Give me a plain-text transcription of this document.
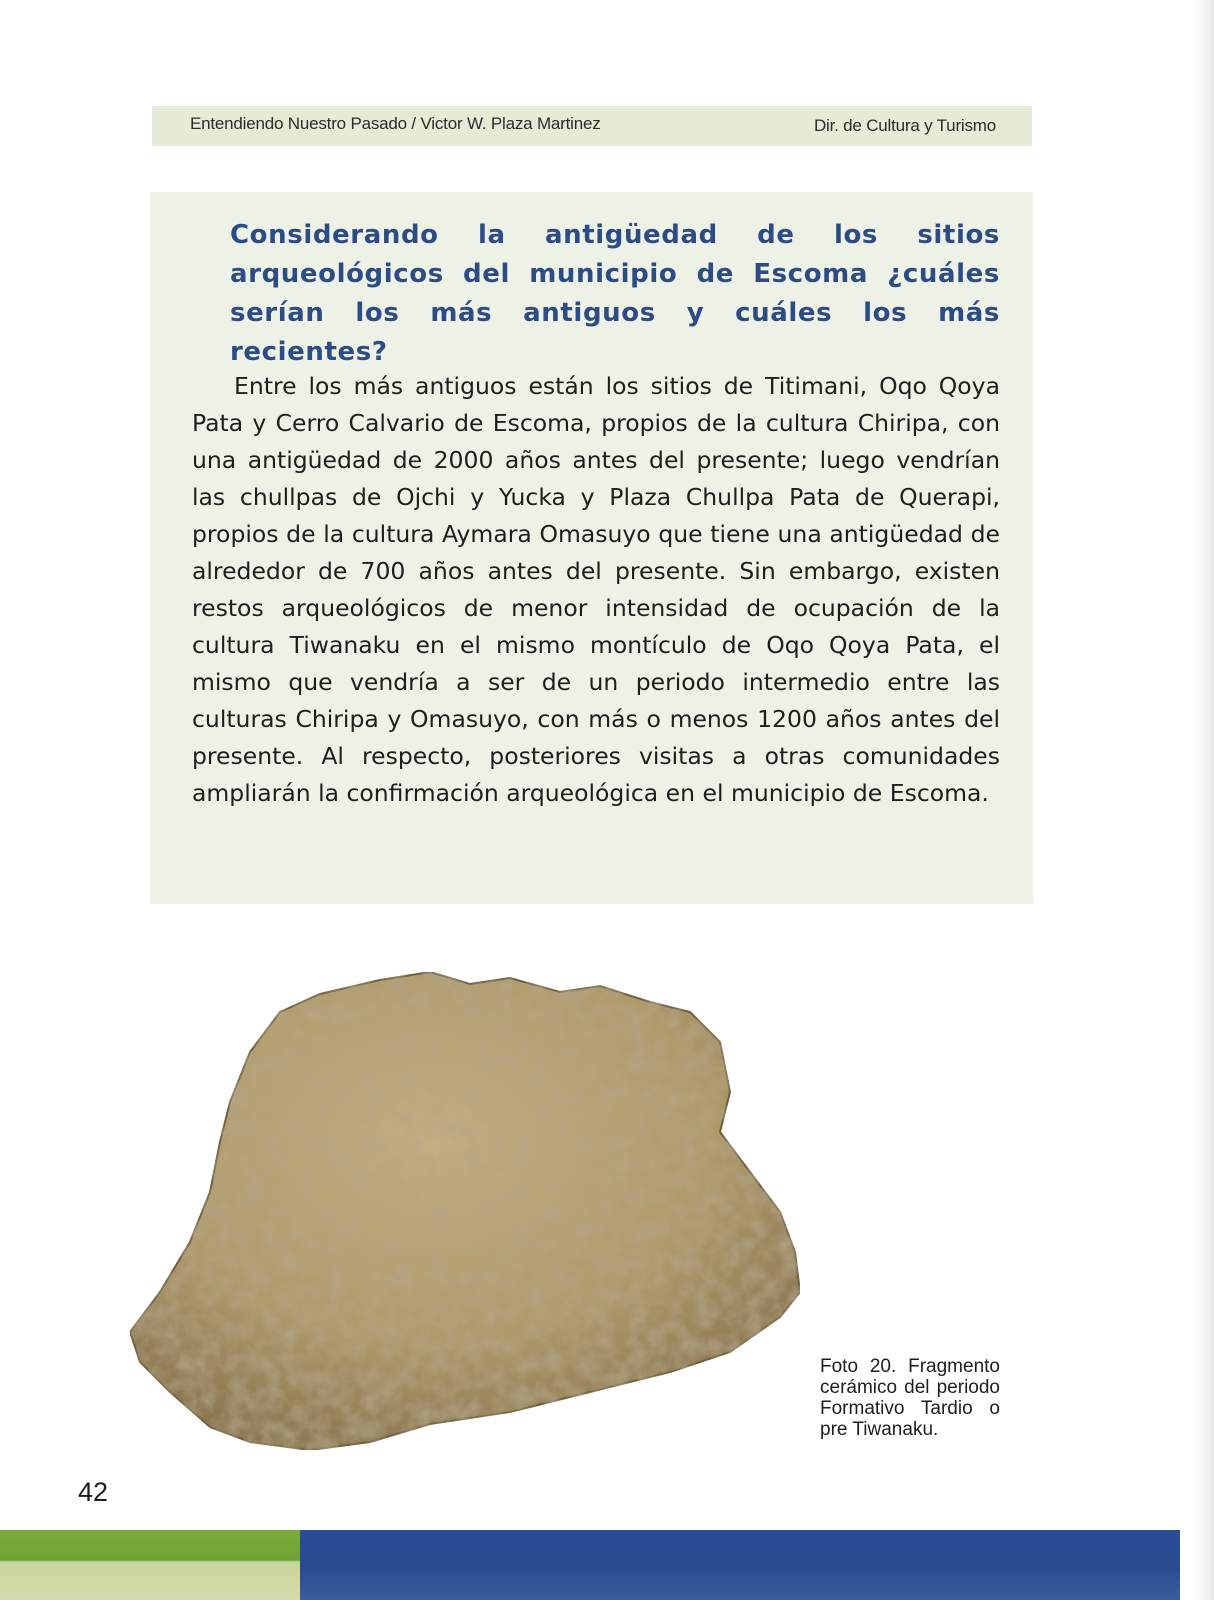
Entendiendo Nuestro Pasado / Victor W. Plaza Martinez	Dir. de Cultura y Turismo
Considerando la antigüedad de los sitios arqueológicos del municipio de Escoma ¿cuáles serían los más antiguos y cuáles los más recientes?
Entre los más antiguos están los sitios de Titimani, Oqo Qoya Pata y Cerro Calvario de Escoma, propios de la cultura Chiripa, con una antigüedad de 2000 años antes del presente; luego vendrían las chullpas de Ojchi y Yucka y Plaza Chullpa Pata de Querapi, propios de la cultura Aymara Omasuyo que tiene una antigüedad de alrededor de 700 años antes del presente. Sin embargo, existen restos arqueológicos de menor intensidad de ocupación de la cultura Tiwanaku en el mismo montículo de Oqo Qoya Pata, el mismo que vendría a ser de un periodo intermedio entre las culturas Chiripa y Omasuyo, con más o menos 1200 años antes del presente. Al respecto, posteriores visitas a otras comunidades ampliarán la confirmación arqueológica en el municipio de Escoma.
Foto 20. Fragmento cerámico del periodo Formativo Tardio o pre Tiwanaku.
42
